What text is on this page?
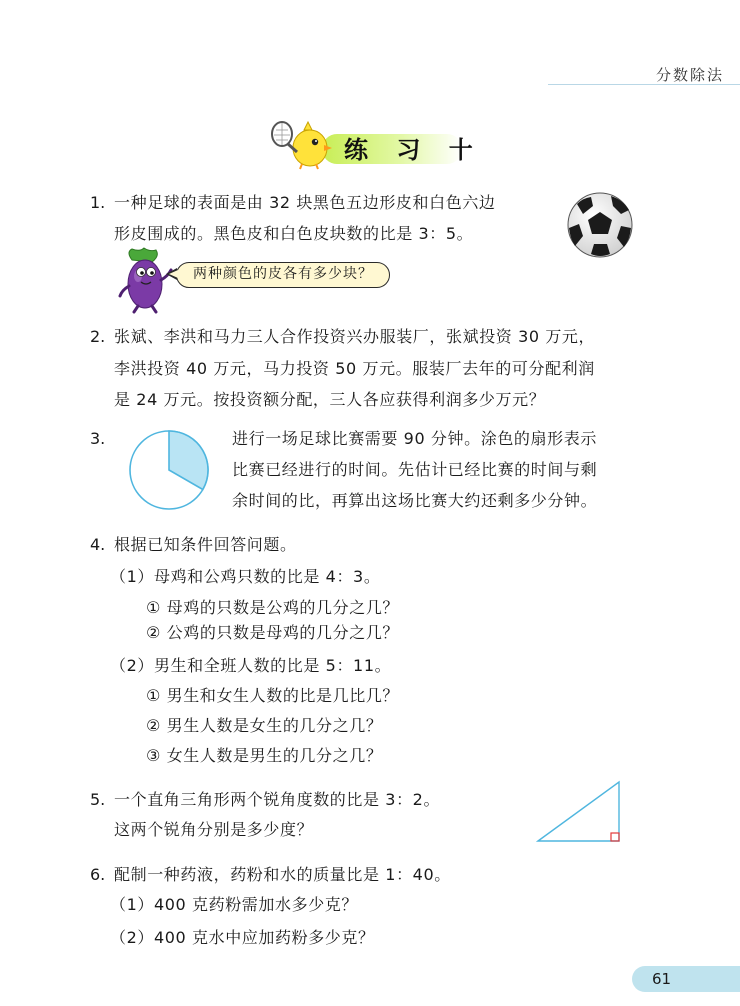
分数除法
练 习 十
1. 一种足球的表面是由 32 块黑色五边形皮和白色六边
形皮围成的。黑色皮和白色皮块数的比是 3：5。
两种颜色的皮各有多少块？
2. 张斌、李洪和马力三人合作投资兴办服装厂，张斌投资 30 万元，
李洪投资 40 万元，马力投资 50 万元。服装厂去年的可分配利润
是 24 万元。按投资额分配，三人各应获得利润多少万元？
3.	进行一场足球比赛需要 90 分钟。涂色的扇形表示
比赛已经进行的时间。先估计已经比赛的时间与剩
余时间的比，再算出这场比赛大约还剩多少分钟。
4. 根据已知条件回答问题。
（1）母鸡和公鸡只数的比是 4：3。
① 母鸡的只数是公鸡的几分之几？
② 公鸡的只数是母鸡的几分之几？
（2）男生和全班人数的比是 5：11。
① 男生和女生人数的比是几比几？
② 男生人数是女生的几分之几？
③ 女生人数是男生的几分之几？
5. 一个直角三角形两个锐角度数的比是 3：2。
这两个锐角分别是多少度？
6. 配制一种药液，药粉和水的质量比是 1：40。
（1）400 克药粉需加水多少克？
（2）400 克水中应加药粉多少克？
61
